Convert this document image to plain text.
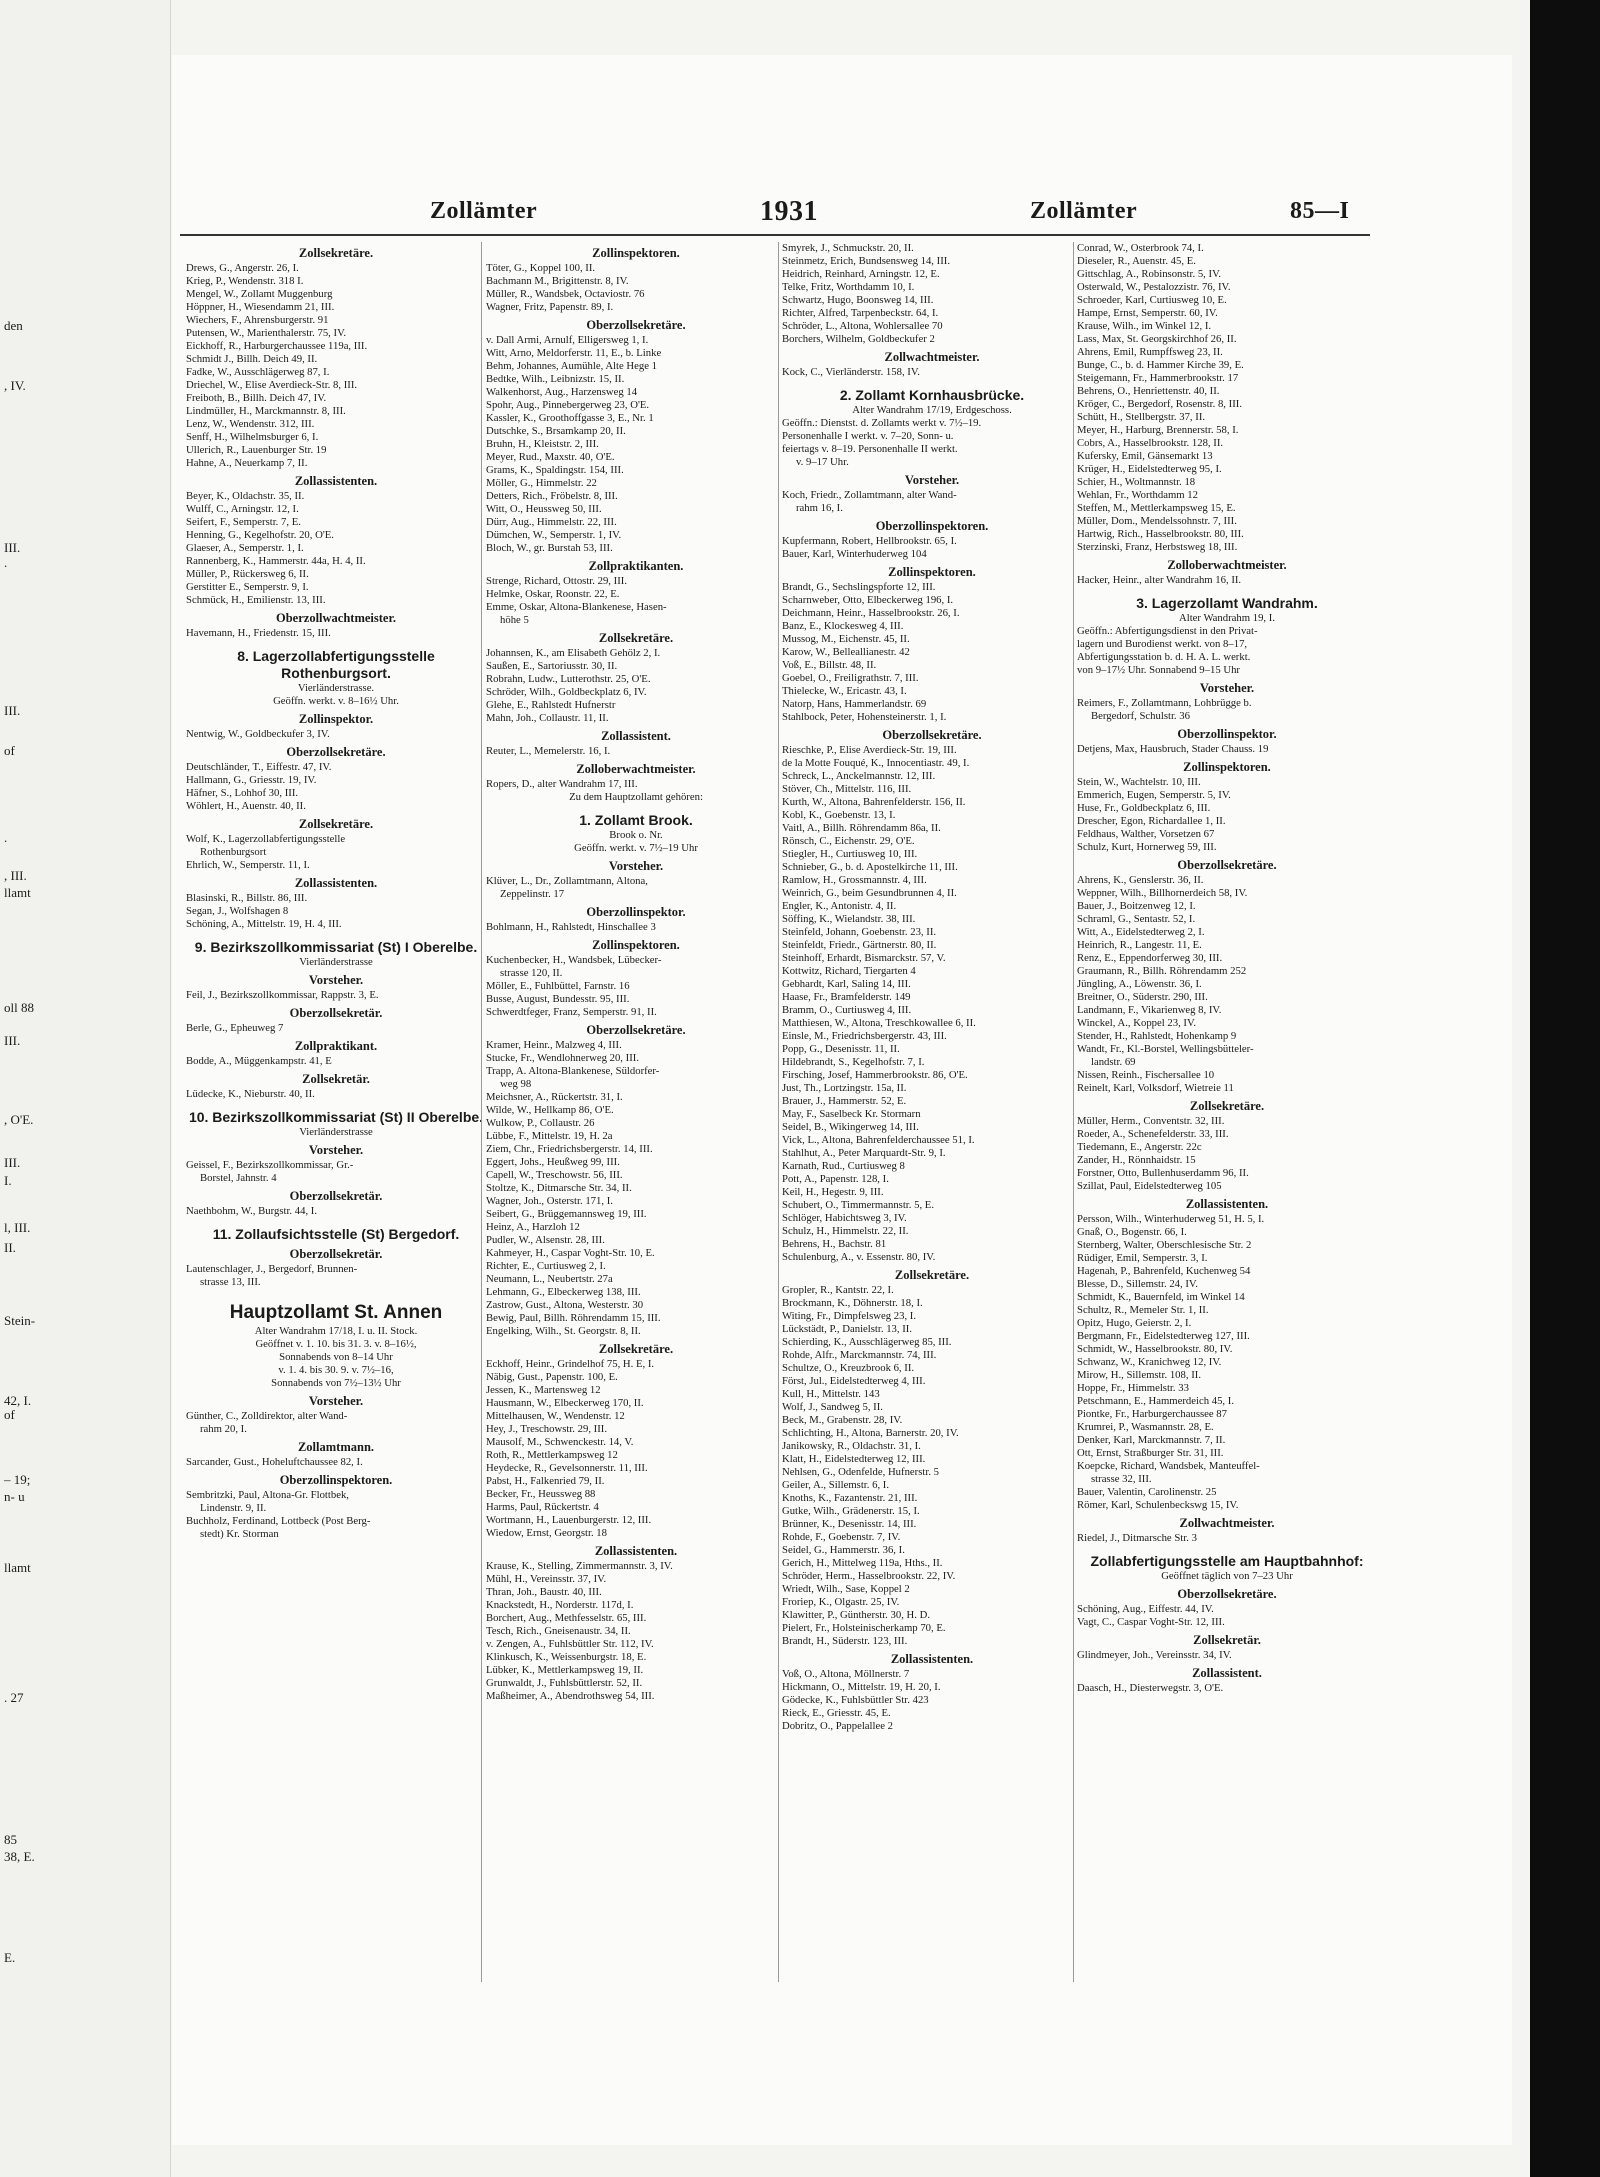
den
, IV.
III.
.
III.
of
.
, III.
llamt
oll 88
III.
, O'E.
III.
I.
l, III.
II.
Stein-
42, I.
of
– 19;
n- u
llamt
. 27
85
38, E.
E.
Zollämter	1931	Zollämter	85—I
Zollsekretäre.
Drews, G., Angerstr. 26, I.
Krieg, P., Wendenstr. 318 I.
Mengel, W., Zollamt Muggenburg
Höppner, H., Wiesendamm 21, III.
Wiechers, F., Ahrensburgerstr. 91
Putensen, W., Marienthalerstr. 75, IV.
Eickhoff, R., Harburgerchaussee 119a, III.
Schmidt J., Billh. Deich 49, II.
Fadke, W., Ausschlägerweg 87, I.
Driechel, W., Elise Averdieck-Str. 8, III.
Freiboth, B., Billh. Deich 47, IV.
Lindmüller, H., Marckmannstr. 8, III.
Lenz, W., Wendenstr. 312, III.
Senff, H., Wilhelmsburger 6, I.
Ullerich, R., Lauenburger Str. 19
Hahne, A., Neuerkamp 7, II.
Zollassistenten.
Beyer, K., Oldachstr. 35, II.
Wulff, C., Arningstr. 12, I.
Seifert, F., Semperstr. 7, E.
Henning, G., Kegelhofstr. 20, O'E.
Glaeser, A., Semperstr. 1, I.
Rannenberg, K., Hammerstr. 44a, H. 4, II.
Müller, P., Rückersweg 6, II.
Gerstitter E., Semperstr. 9, I.
Schmück, H., Emilienstr. 13, III.
Oberzollwachtmeister.
Havemann, H., Friedenstr. 15, III.
8. Lagerzollabfertigungsstelle Rothenburgsort.
Vierländerstrasse.
Geöffn. werkt. v. 8–16½ Uhr.
Zollinspektor.
Nentwig, W., Goldbeckufer 3, IV.
Oberzollsekretäre.
Deutschländer, T., Eiffestr. 47, IV.
Hallmann, G., Griesstr. 19, IV.
Häfner, S., Lohhof 30, III.
Wöhlert, H., Auenstr. 40, II.
Zollsekretäre.
Wolf, K., Lagerzollabfertigungsstelle
Rothenburgsort
Ehrlich, W., Semperstr. 11, I.
Zollassistenten.
Blasinski, R., Billstr. 86, III.
Segan, J., Wolfshagen 8
Schöning, A., Mittelstr. 19, H. 4, III.
9. Bezirkszollkommissariat (St) I Oberelbe.
Vierländerstrasse
Vorsteher.
Feil, J., Bezirkszollkommissar, Rappstr. 3, E.
Oberzollsekretär.
Berle, G., Epheuweg 7
Zollpraktikant.
Bodde, A., Müggenkampstr. 41, E
Zollsekretär.
Lüdecke, K., Nieburstr. 40, II.
10. Bezirkszollkommissariat (St) II Oberelbe.
Vierländerstrasse
Vorsteher.
Geissel, F., Bezirkszollkommissar, Gr.-
Borstel, Jahnstr. 4
Oberzollsekretär.
Naethbohm, W., Burgstr. 44, I.
11. Zollaufsichtsstelle (St) Bergedorf.
Oberzollsekretär.
Lautenschlager, J., Bergedorf, Brunnen-
strasse 13, III.
Hauptzollamt St. Annen
Alter Wandrahm 17/18, I. u. II. Stock.
Geöffnet v. 1. 10. bis 31. 3. v. 8–16½,
Sonnabends von 8–14 Uhr
v. 1. 4. bis 30. 9. v. 7½–16,
Sonnabends von 7½–13½ Uhr
Vorsteher.
Günther, C., Zolldirektor, alter Wand-
rahm 20, I.
Zollamtmann.
Sarcander, Gust., Hoheluftchaussee 82, I.
Oberzollinspektoren.
Sembritzki, Paul, Altona-Gr. Flottbek,
Lindenstr. 9, II.
Buchholz, Ferdinand, Lottbeck (Post Berg-
stedt) Kr. Storman
Zollinspektoren.
Töter, G., Koppel 100, II.
Bachmann M., Brigittenstr. 8, IV.
Müller, R., Wandsbek, Octaviostr. 76
Wagner, Fritz, Papenstr. 89, I.
Oberzollsekretäre.
v. Dall Armi, Arnulf, Elligersweg 1, I.
Witt, Arno, Meldorferstr. 11, E., b. Linke
Behm, Johannes, Aumühle, Alte Hege 1
Bedtke, Wilh., Leibnizstr. 15, II.
Walkenhorst, Aug., Harzensweg 14
Spohr, Aug., Pinnebergerweg 23, O'E.
Kassler, K., Groothoffgasse 3, E., Nr. 1
Dutschke, S., Brsamkamp 20, II.
Bruhn, H., Kleiststr. 2, III.
Meyer, Rud., Maxstr. 40, O'E.
Grams, K., Spaldingstr. 154, III.
Möller, G., Himmelstr. 22
Detters, Rich., Fröbelstr. 8, III.
Witt, O., Heussweg 50, III.
Dürr, Aug., Himmelstr. 22, III.
Dümchen, W., Semperstr. 1, IV.
Bloch, W., gr. Burstah 53, III.
Zollpraktikanten.
Strenge, Richard, Ottostr. 29, III.
Helmke, Oskar, Roonstr. 22, E.
Emme, Oskar, Altona-Blankenese, Hasen-
höhe 5
Zollsekretäre.
Johannsen, K., am Elisabeth Gehölz 2, I.
Saußen, E., Sartoriusstr. 30, II.
Robrahn, Ludw., Lutterothstr. 25, O'E.
Schröder, Wilh., Goldbeckplatz 6, IV.
Glehe, E., Rahlstedt Hufnerstr
Mahn, Joh., Collaustr. 11, II.
Zollassistent.
Reuter, L., Memelerstr. 16, I.
Zolloberwachtmeister.
Ropers, D., alter Wandrahm 17, III.
Zu dem Hauptzollamt gehören:
1. Zollamt Brook.
Brook o. Nr.
Geöffn. werkt. v. 7½–19 Uhr
Vorsteher.
Klüver, L., Dr., Zollamtmann, Altona,
Zeppelinstr. 17
Oberzollinspektor.
Bohlmann, H., Rahlstedt, Hinschallee 3
Zollinspektoren.
Kuchenbecker, H., Wandsbek, Lübecker-
strasse 120, II.
Möller, E., Fuhlbüttel, Farnstr. 16
Busse, August, Bundesstr. 95, III.
Schwerdtfeger, Franz, Semperstr. 91, II.
Oberzollsekretäre.
Kramer, Heinr., Malzweg 4, III.
Stucke, Fr., Wendlohnerweg 20, III.
Trapp, A. Altona-Blankenese, Süldorfer-
weg 98
Meichsner, A., Rückertstr. 31, I.
Wilde, W., Hellkamp 86, O'E.
Wulkow, P., Collaustr. 26
Lübbe, F., Mittelstr. 19, H. 2a
Ziem, Chr., Friedrichsbergerstr. 14, III.
Eggert, Johs., Heußweg 99, III.
Capell, W., Treschowstr. 56, III.
Stoltze, K., Ditmarsche Str. 34, II.
Wagner, Joh., Osterstr. 171, I.
Seibert, G., Brüggemannsweg 19, III.
Heinz, A., Harzloh 12
Pudler, W., Alsenstr. 28, III.
Kahmeyer, H., Caspar Voght-Str. 10, E.
Richter, E., Curtiusweg 2, I.
Neumann, L., Neubertstr. 27a
Lehmann, G., Elbeckerweg 138, III.
Zastrow, Gust., Altona, Westerstr. 30
Bewig, Paul, Billh. Röhrendamm 15, III.
Engelking, Wilh., St. Georgstr. 8, II.
Zollsekretäre.
Eckhoff, Heinr., Grindelhof 75, H. E, I.
Näbig, Gust., Papenstr. 100, E.
Jessen, K., Martensweg 12
Hausmann, W., Elbeckerweg 170, II.
Mittelhausen, W., Wendenstr. 12
Hey, J., Treschowstr. 29, III.
Mausolf, M., Schwenckestr. 14, V.
Roth, R., Mettlerkampsweg 12
Heydecke, R., Gevelsonnerstr. 11, III.
Pabst, H., Falkenried 79, II.
Becker, Fr., Heussweg 88
Harms, Paul, Rückertstr. 4
Wortmann, H., Lauenburgerstr. 12, III.
Wiedow, Ernst, Georgstr. 18
Zollassistenten.
Krause, K., Stelling, Zimmermannstr. 3, IV.
Mühl, H., Vereinsstr. 37, IV.
Thran, Joh., Baustr. 40, III.
Knackstedt, H., Norderstr. 117d, I.
Borchert, Aug., Methfesselstr. 65, III.
Tesch, Rich., Gneisenaustr. 34, II.
v. Zengen, A., Fuhlsbüttler Str. 112, IV.
Klinkusch, K., Weissenburgstr. 18, E.
Lübker, K., Mettlerkampsweg 19, II.
Grunwaldt, J., Fuhlsbüttlerstr. 52, II.
Maßheimer, A., Abendrothsweg 54, III.
Smyrek, J., Schmuckstr. 20, II.
Steinmetz, Erich, Bundsensweg 14, III.
Heidrich, Reinhard, Arningstr. 12, E.
Telke, Fritz, Worthdamm 10, I.
Schwartz, Hugo, Boonsweg 14, III.
Richter, Alfred, Tarpenbeckstr. 64, I.
Schröder, L., Altona, Wohlersallee 70
Borchers, Wilhelm, Goldbeckufer 2
Zollwachtmeister.
Kock, C., Vierländerstr. 158, IV.
2. Zollamt Kornhausbrücke.
Alter Wandrahm 17/19, Erdgeschoss.
Geöffn.: Dienstst. d. Zollamts werkt v. 7½–19.
Personenhalle I werkt. v. 7–20, Sonn- u.
feiertags v. 8–19. Personenhalle II werkt.
v. 9–17 Uhr.
Vorsteher.
Koch, Friedr., Zollamtmann, alter Wand-
rahm 16, I.
Oberzollinspektoren.
Kupfermann, Robert, Hellbrookstr. 65, I.
Bauer, Karl, Winterhuderweg 104
Zollinspektoren.
Brandt, G., Sechslingspforte 12, III.
Scharnweber, Otto, Elbeckerweg 196, I.
Deichmann, Heinr., Hasselbrookstr. 26, I.
Banz, E., Klockesweg 4, III.
Mussog, M., Eichenstr. 45, II.
Karow, W., Belleallianestr. 42
Voß, E., Billstr. 48, II.
Goebel, O., Freiligrathstr. 7, III.
Thielecke, W., Ericastr. 43, I.
Natorp, Hans, Hammerlandstr. 69
Stahlbock, Peter, Hohensteinerstr. 1, I.
Oberzollsekretäre.
Rieschke, P., Elise Averdieck-Str. 19, III.
de la Motte Fouqué, K., Innocentiastr. 49, I.
Schreck, L., Anckelmannstr. 12, III.
Stöver, Ch., Mittelstr. 116, III.
Kurth, W., Altona, Bahrenfelderstr. 156, II.
Kobl, K., Goebenstr. 13, I.
Vaitl, A., Billh. Röhrendamm 86a, II.
Rönsch, C., Eichenstr. 29, O'E.
Stiegler, H., Curtiusweg 10, III.
Schnieber, G., b. d. Apostelkirche 11, III.
Ramlow, H., Grossmannstr. 4, III.
Weinrich, G., beim Gesundbrunnen 4, II.
Engler, K., Antonistr. 4, II.
Söffing, K., Wielandstr. 38, III.
Steinfeld, Johann, Goebenstr. 23, II.
Steinfeldt, Friedr., Gärtnerstr. 80, II.
Steinhoff, Erhardt, Bismarckstr. 57, V.
Kottwitz, Richard, Tiergarten 4
Gebhardt, Karl, Saling 14, III.
Haase, Fr., Bramfelderstr. 149
Bramm, O., Curtiusweg 4, III.
Matthiesen, W., Altona, Treschkowallee 6, II.
Einsle, M., Friedrichsbergerstr. 43, III.
Popp, G., Desenisstr. 11, II.
Hildebrandt, S., Kegelhofstr. 7, I.
Firsching, Josef, Hammerbrookstr. 86, O'E.
Just, Th., Lortzingstr. 15a, II.
Brauer, J., Hammerstr. 52, E.
May, F., Saselbeck Kr. Stormarn
Seidel, B., Wikingerweg 14, III.
Vick, L., Altona, Bahrenfelderchaussee 51, I.
Stahlhut, A., Peter Marquardt-Str. 9, I.
Karnath, Rud., Curtiusweg 8
Pott, A., Papenstr. 128, I.
Keil, H., Hegestr. 9, III.
Schubert, O., Timmermannstr. 5, E.
Schlöger, Habichtsweg 3, IV.
Schulz, H., Himmelstr. 22, II.
Behrens, H., Bachstr. 81
Schulenburg, A., v. Essenstr. 80, IV.
Zollsekretäre.
Gropler, R., Kantstr. 22, I.
Brockmann, K., Döhnerstr. 18, I.
Witing, Fr., Dimpfelsweg 23, I.
Lückstädt, P., Danielstr. 13, II.
Schierding, K., Ausschlägerweg 85, III.
Rohde, Alfr., Marckmannstr. 74, III.
Schultze, O., Kreuzbrook 6, II.
Först, Jul., Eidelstedterweg 4, III.
Kull, H., Mittelstr. 143
Wolf, J., Sandweg 5, II.
Beck, M., Grabenstr. 28, IV.
Schlichting, H., Altona, Barnerstr. 20, IV.
Janikowsky, R., Oldachstr. 31, I.
Klatt, H., Eidelstedterweg 12, III.
Nehlsen, G., Odenfelde, Hufnerstr. 5
Geiler, A., Sillemstr. 6, I.
Knoths, K., Fazantenstr. 21, III.
Gutke, Wilh., Grädenerstr. 15, I.
Brünner, K., Desenisstr. 14, III.
Rohde, F., Goebenstr. 7, IV.
Seidel, G., Hammerstr. 36, I.
Gerich, H., Mittelweg 119a, Hths., II.
Schröder, Herm., Hasselbrookstr. 22, IV.
Wriedt, Wilh., Sase, Koppel 2
Froriep, K., Olgastr. 25, IV.
Klawitter, P., Güntherstr. 30, H. D.
Pielert, Fr., Holsteinischerkamp 70, E.
Brandt, H., Süderstr. 123, III.
Zollassistenten.
Voß, O., Altona, Möllnerstr. 7
Hickmann, O., Mittelstr. 19, H. 20, I.
Gödecke, K., Fuhlsbüttler Str. 423
Rieck, E., Griesstr. 45, E.
Dobritz, O., Pappelallee 2
Conrad, W., Osterbrook 74, I.
Dieseler, R., Auenstr. 45, E.
Gittschlag, A., Robinsonstr. 5, IV.
Osterwald, W., Pestalozzistr. 76, IV.
Schroeder, Karl, Curtiusweg 10, E.
Hampe, Ernst, Semperstr. 60, IV.
Krause, Wilh., im Winkel 12, I.
Lass, Max, St. Georgskirchhof 26, II.
Ahrens, Emil, Rumpffsweg 23, II.
Bunge, C., b. d. Hammer Kirche 39, E.
Steigemann, Fr., Hammerbrookstr. 17
Behrens, O., Henriettenstr. 40, II.
Kröger, C., Bergedorf, Rosenstr. 8, III.
Schütt, H., Stellbergstr. 37, II.
Meyer, H., Harburg, Brennerstr. 58, I.
Cobrs, A., Hasselbrookstr. 128, II.
Kufersky, Emil, Gänsemarkt 13
Krüger, H., Eidelstedterweg 95, I.
Schier, H., Woltmannstr. 18
Wehlan, Fr., Worthdamm 12
Steffen, M., Mettlerkampsweg 15, E.
Müller, Dom., Mendelssohnstr. 7, III.
Hartwig, Rich., Hasselbrookstr. 80, III.
Sterzinski, Franz, Herbstsweg 18, III.
Zolloberwachtmeister.
Hacker, Heinr., alter Wandrahm 16, II.
3. Lagerzollamt Wandrahm.
Alter Wandrahm 19, I.
Geöffn.: Abfertigungsdienst in den Privat-
lagern und Burodienst werkt. von 8–17,
Abfertigungsstation b. d. H. A. L. werkt.
von 9–17½ Uhr. Sonnabend 9–15 Uhr
Vorsteher.
Reimers, F., Zollamtmann, Lohbrügge b.
Bergedorf, Schulstr. 36
Oberzollinspektor.
Detjens, Max, Hausbruch, Stader Chauss. 19
Zollinspektoren.
Stein, W., Wachtelstr. 10, III.
Emmerich, Eugen, Semperstr. 5, IV.
Huse, Fr., Goldbeckplatz 6, III.
Drescher, Egon, Richardallee 1, II.
Feldhaus, Walther, Vorsetzen 67
Schulz, Kurt, Hornerweg 59, III.
Oberzollsekretäre.
Ahrens, K., Genslerstr. 36, II.
Weppner, Wilh., Billhornerdeich 58, IV.
Bauer, J., Boitzenweg 12, I.
Schraml, G., Sentastr. 52, I.
Witt, A., Eidelstedterweg 2, I.
Heinrich, R., Langestr. 11, E.
Renz, E., Eppendorferweg 30, III.
Graumann, R., Billh. Röhrendamm 252
Jüngling, A., Löwenstr. 36, I.
Breitner, O., Süderstr. 290, III.
Landmann, F., Vikarienweg 8, IV.
Winckel, A., Koppel 23, IV.
Stender, H., Rahlstedt, Hohenkamp 9
Wandt, Fr., Kl.-Borstel, Wellingsbütteler-
landstr. 69
Nissen, Reinh., Fischersallee 10
Reinelt, Karl, Volksdorf, Wietreie 11
Zollsekretäre.
Müller, Herm., Conventstr. 32, III.
Roeder, A., Schenefelderstr. 33, III.
Tiedemann, E., Angerstr. 22c
Zander, H., Rönnhaidstr. 15
Forstner, Otto, Bullenhuserdamm 96, II.
Szillat, Paul, Eidelstedterweg 105
Zollassistenten.
Persson, Wilh., Winterhuderweg 51, H. 5, I.
Gnaß, O., Bogenstr. 66, I.
Sternberg, Walter, Oberschlesische Str. 2
Rüdiger, Emil, Semperstr. 3, I.
Hagenah, P., Bahrenfeld, Kuchenweg 54
Blesse, D., Sillemstr. 24, IV.
Schmidt, K., Bauernfeld, im Winkel 14
Schultz, R., Memeler Str. 1, II.
Opitz, Hugo, Geierstr. 2, I.
Bergmann, Fr., Eidelstedterweg 127, III.
Schmidt, W., Hasselbrookstr. 80, IV.
Schwanz, W., Kranichweg 12, IV.
Mirow, H., Sillemstr. 108, II.
Hoppe, Fr., Himmelstr. 33
Petschmann, E., Hammerdeich 45, I.
Piontke, Fr., Harburgerchaussee 87
Krumrei, P., Wasmannstr. 28, E.
Denker, Karl, Marckmannstr. 7, II.
Ott, Ernst, Straßburger Str. 31, III.
Koepcke, Richard, Wandsbek, Manteuffel-
strasse 32, III.
Bauer, Valentin, Carolinenstr. 25
Römer, Karl, Schulenbeckswg 15, IV.
Zollwachtmeister.
Riedel, J., Ditmarsche Str. 3
Zollabfertigungsstelle am Hauptbahnhof:
Geöffnet täglich von 7–23 Uhr
Oberzollsekretäre.
Schöning, Aug., Eiffestr. 44, IV.
Vagt, C., Caspar Voght-Str. 12, III.
Zollsekretär.
Glindmeyer, Joh., Vereinsstr. 34, IV.
Zollassistent.
Daasch, H., Diesterwegstr. 3, O'E.
